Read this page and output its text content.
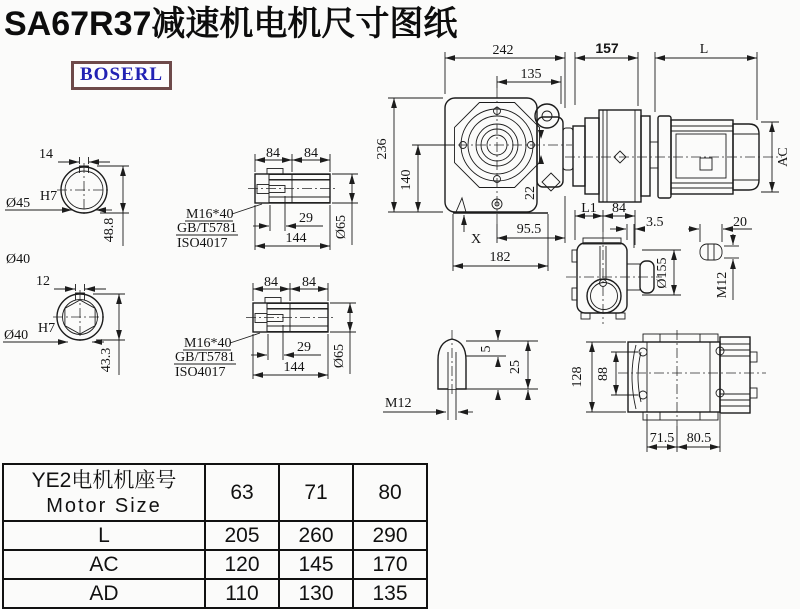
SA67R37减速机电机尺寸图纸
BOSERL
14
Ø45 H7
48.8
Ø40
12
Ø40 H7
43.3
84 84
M16*40
GB/T5781
ISO4017
29
144 Ø65
84 84
M16*40
GB/T5781
ISO4017
29
144 Ø65
22
242
135
236
140
X
95.5
182
157	L
AC
L1 84
3.5
Ø155
20
M12
5
25
M12
128 88
71.5 80.5
YE2电机机座号
Motor Size	63	71	80
L	205	260	290
AC	120	145	170
AD	110	130	135
